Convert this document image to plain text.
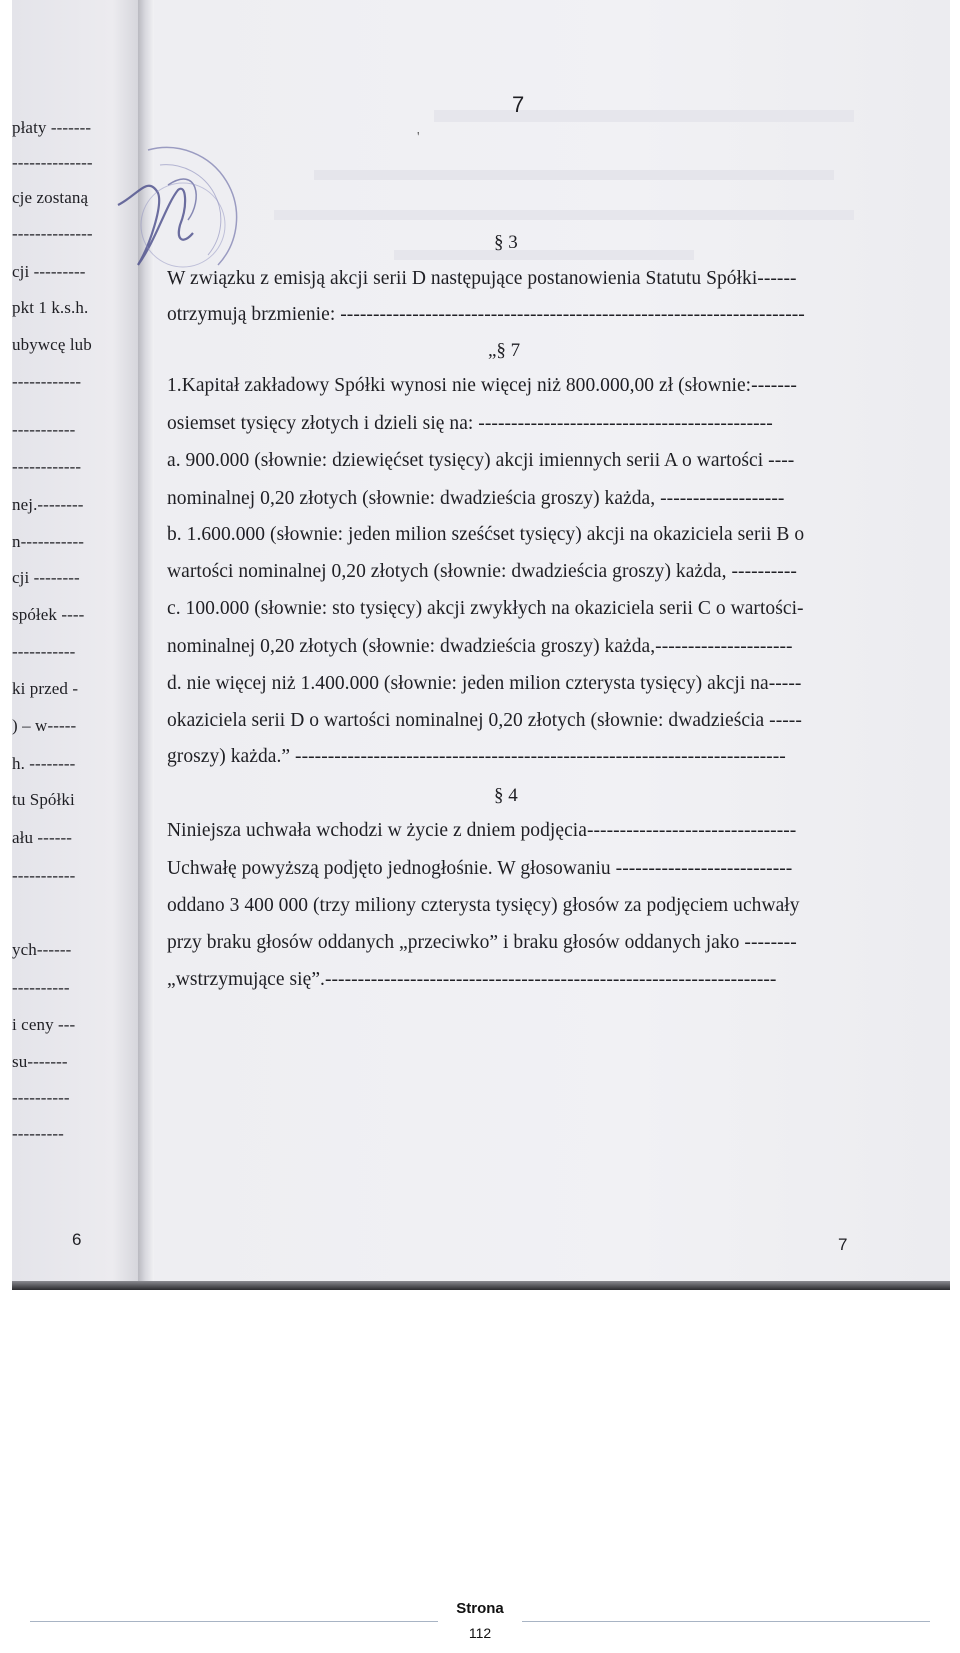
płaty -------
--------------
cje zostaną
--------------
cji ---------
pkt 1 k.s.h.
ubywcę lub
------------
-----------
------------
nej.--------
n-----------
cji --------
spółek ----
-----------
ki przed -
) – w-----
h. --------
tu Spółki
ału ------
-----------
ych------
----------
i ceny ---
su-------
----------
---------
6
7
'
§ 3
W związku z emisją akcji serii D następujące postanowienia Statutu Spółki------
otrzymują brzmienie: -----------------------------------------------------------------------
„§ 7
1.Kapitał zakładowy Spółki wynosi nie więcej niż 800.000,00 zł (słownie:-------
osiemset tysięcy złotych i dzieli się na: ---------------------------------------------
a. 900.000 (słownie: dziewięćset tysięcy) akcji imiennych serii A o wartości ----
nominalnej 0,20 złotych (słownie: dwadzieścia groszy) każda, -------------------
b. 1.600.000 (słownie: jeden milion sześćset tysięcy) akcji na okaziciela serii B o
wartości nominalnej 0,20 złotych (słownie: dwadzieścia groszy) każda, ----------
c. 100.000 (słownie: sto tysięcy) akcji zwykłych na okaziciela serii C o wartości-
nominalnej 0,20 złotych (słownie: dwadzieścia groszy) każda,---------------------
d. nie więcej niż 1.400.000 (słownie: jeden milion czterysta tysięcy) akcji na-----
okaziciela serii D o wartości nominalnej 0,20 złotych (słownie: dwadzieścia -----
groszy) każda.” ---------------------------------------------------------------------------
§ 4
Niniejsza uchwała wchodzi w życie z dniem podjęcia--------------------------------
Uchwałę powyższą podjęto jednogłośnie. W głosowaniu ---------------------------
oddano 3 400 000 (trzy miliony czterysta tysięcy) głosów za podjęciem uchwały
przy braku głosów oddanych „przeciwko” i braku głosów oddanych jako --------
„wstrzymujące się”.---------------------------------------------------------------------
7
Strona
112
